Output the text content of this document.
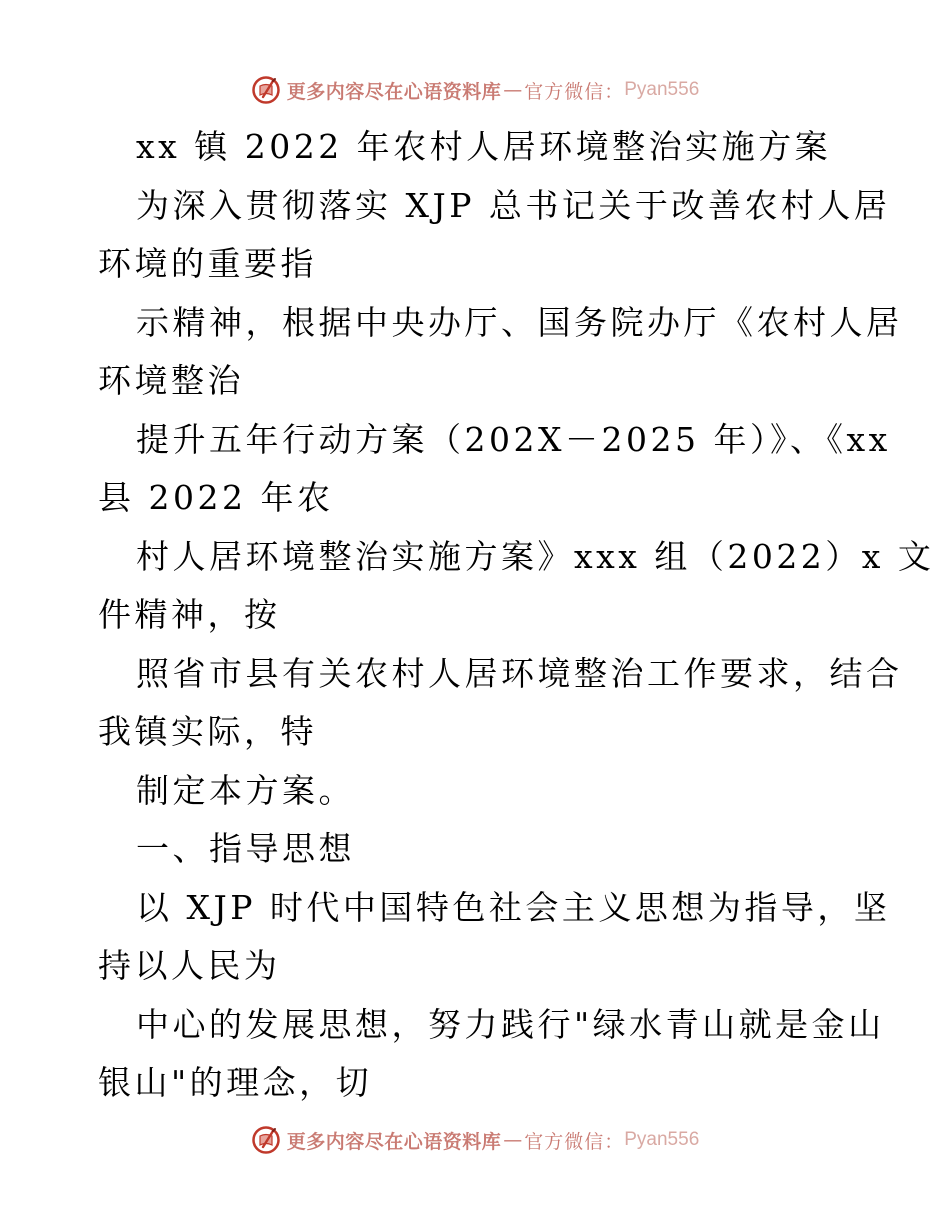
更多内容尽在心语资料库 — 官方微信： Pyan556
xx 镇 2022 年农村人居环境整治实施方案
为深入贯彻落实 XJP 总书记关于改善农村人居
环境的重要指
示精神，根据中央办厅、国务院办厅《农村人居
环境整治
提升五年行动方案（202X－2025 年）》、《xx
县 2022 年农
村人居环境整治实施方案》xxx 组（2022）x 文
件精神，按
照省市县有关农村人居环境整治工作要求，结合
我镇实际，特
制定本方案。
一、指导思想
以 XJP 时代中国特色社会主义思想为指导，坚
持以人民为
中心的发展思想，努力践行"绿水青山就是金山
银山"的理念，切
更多内容尽在心语资料库 — 官方微信： Pyan556
